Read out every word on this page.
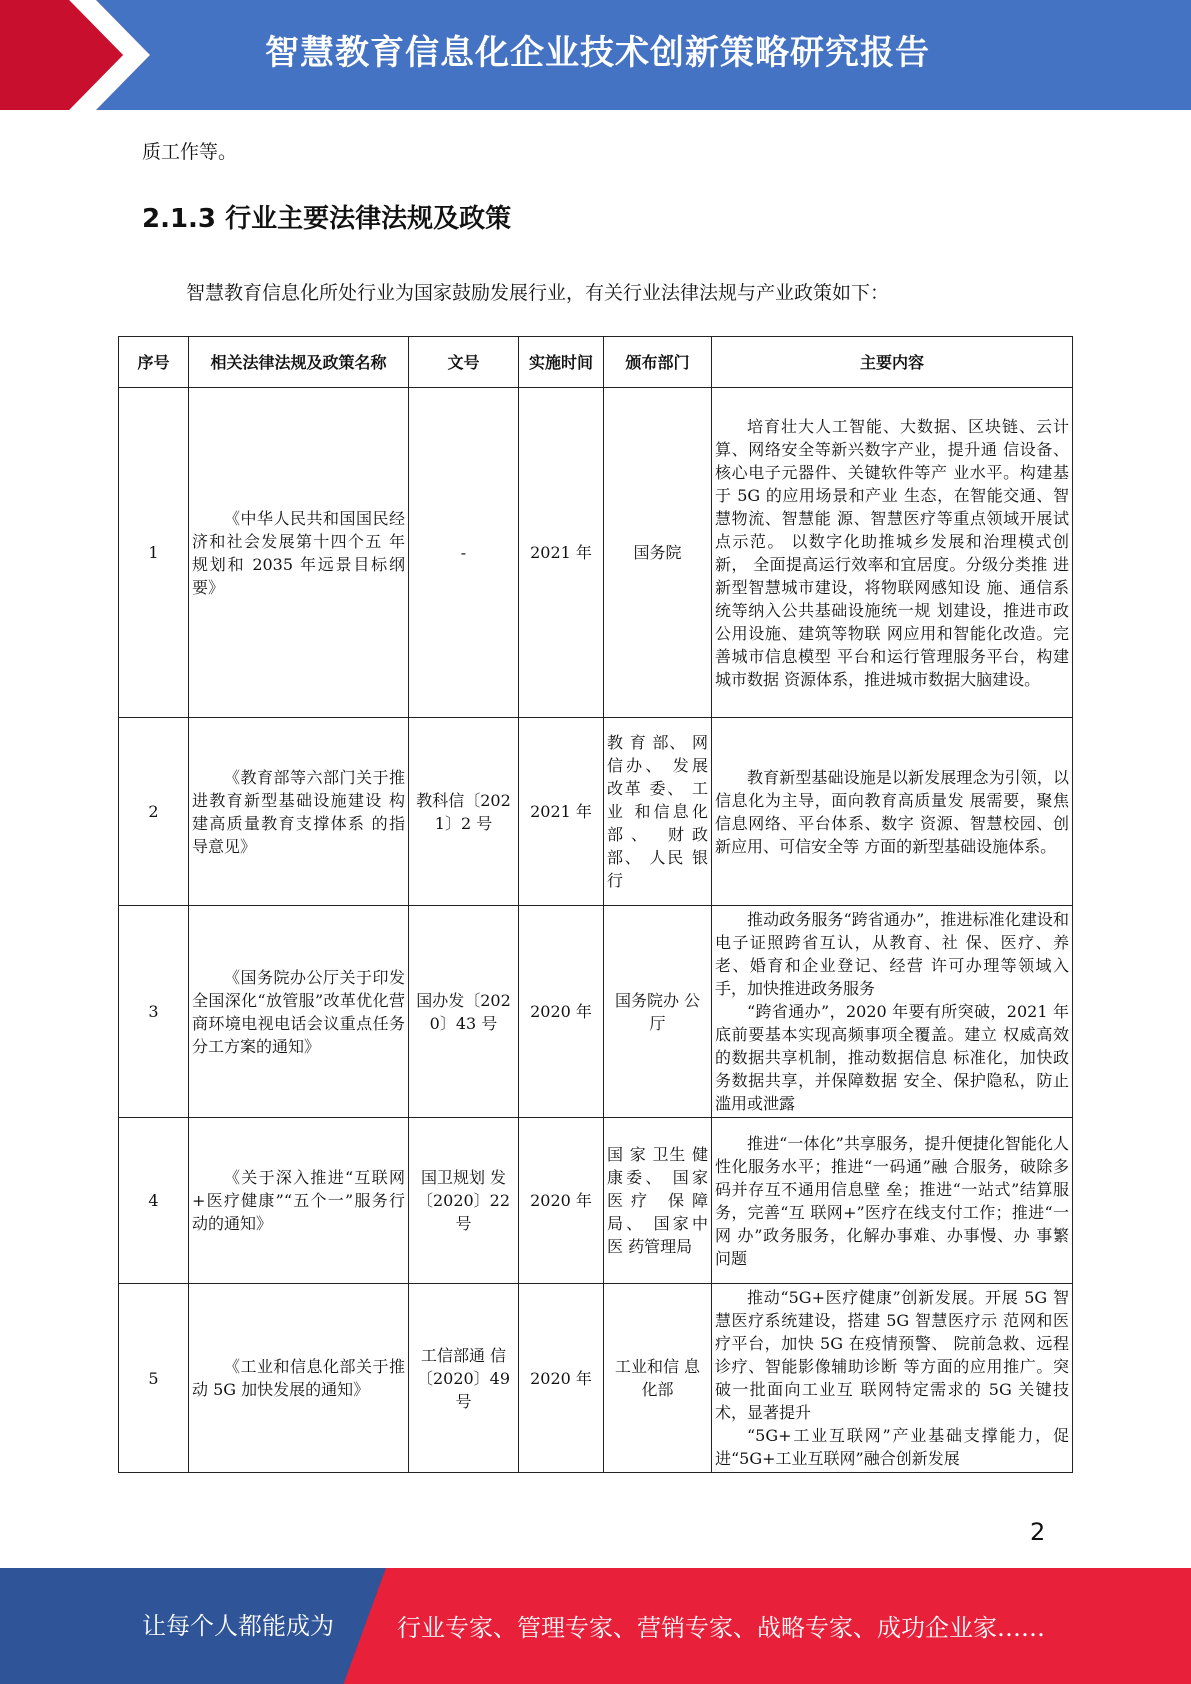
智慧教育信息化企业技术创新策略研究报告
质工作等。
2.1.3 行业主要法律法规及政策
智慧教育信息化所处行业为国家鼓励发展行业，有关行业法律法规与产业政策如下：
序号	相关法律法规及政策名称	文号	实施时间	颁布部门	主要内容
1	《中华人民共和国国民经 济和社会发展第十四个五 年规划和 2035 年远景目标纲要》	-	2021 年	国务院	培育壮大人工智能、大数据、区块链、云计算、网络安全等新兴数字产业，提升通 信设备、核心电子元器件、关键软件等产 业水平。构建基于 5G 的应用场景和产业 生态，在智能交通、智慧物流、智慧能 源、智慧医疗等重点领域开展试点示范。 以数字化助推城乡发展和治理模式创新， 全面提高运行效率和宜居度。分级分类推 进新型智慧城市建设，将物联网感知设 施、通信系统等纳入公共基础设施统一规 划建设，推进市政公用设施、建筑等物联 网应用和智能化改造。完善城市信息模型 平台和运行管理服务平台，构建城市数据 资源体系，推进城市数据大脑建设。
2	《教育部等六部门关于推 进教育新型基础设施建设 构建高质量教育支撑体系 的指导意见》	教科信〔2021〕2 号	2021 年	教 育 部、 网信办、 发展改革 委、 工业 和信息化 部、 财政 部、 人民 银行	教育新型基础设施是以新发展理念为引领，以信息化为主导，面向教育高质量发 展需要，聚焦信息网络、平台体系、数字 资源、智慧校园、创新应用、可信安全等 方面的新型基础设施体系。
3	《国务院办公厅关于印发 全国深化“放管服”改革优化营商环境电视电话会议重点任务分工方案的通知》	国办发〔2020〕43 号	2020 年	国务院办 公厅	推动政务服务“跨省通办”，推进标准化建设和电子证照跨省互认，从教育、社 保、医疗、养老、婚育和企业登记、经营 许可办理等领域入手，加快推进政务服务

“跨省通办”，2020 年要有所突破，2021 年底前要基本实现高频事项全覆盖。建立 权威高效的数据共享机制，推动数据信息 标准化，加快政务数据共享，并保障数据 安全、保护隐私，防止滥用或泄露

4	《关于深入推进“互联网 +医疗健康”“五个一”服务行动的通知》	国卫规划 发〔2020〕22 号	2020 年	国 家 卫生 健康委、 国家医疗 保障局、 国家中医 药管理局	推进“一体化”共享服务，提升便捷化智能化人性化服务水平；推进“一码通”融 合服务，破除多码并存互不通用信息壁 垒；推进“一站式”结算服务，完善“互 联网+”医疗在线支付工作；推进“一网 办”政务服务，化解办事难、办事慢、办 事繁问题
5	《工业和信息化部关于推动 5G 加快发展的通知》	工信部通 信〔2020〕49 号	2020 年	工业和信 息化部	推动“5G+医疗健康”创新发展。开展 5G 智慧医疗系统建设，搭建 5G 智慧医疗示 范网和医疗平台，加快 5G 在疫情预警、 院前急救、远程诊疗、智能影像辅助诊断 等方面的应用推广。突破一批面向工业互 联网特定需求的 5G 关键技术，显著提升

“5G+工业互联网”产业基础支撑能力，促进“5G+工业互联网”融合创新发展

2
让每个人都能成为	行业专家、管理专家、营销专家、战略专家、成功企业家……
